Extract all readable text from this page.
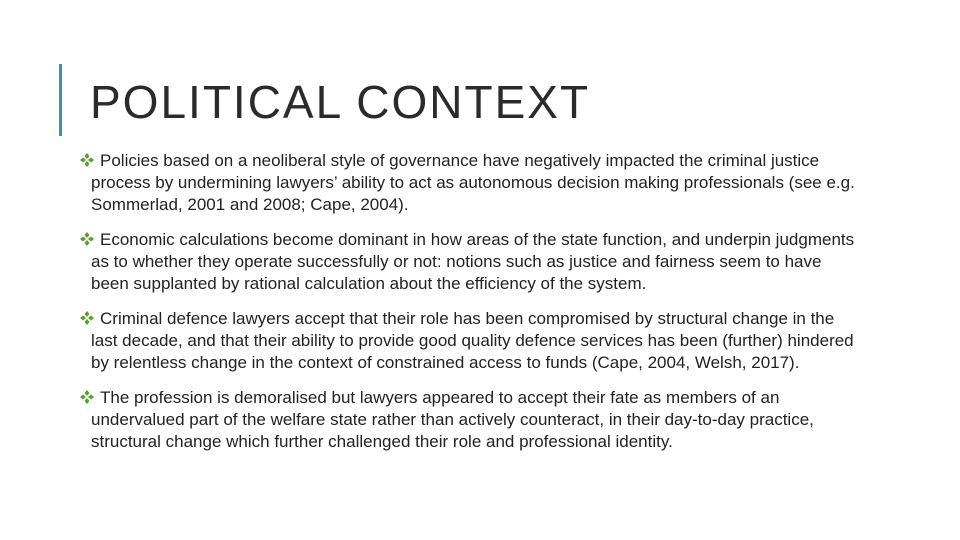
POLITICAL CONTEXT
Policies based on a neoliberal style of governance have negatively impacted the criminal justice process by undermining lawyers’ ability to act as autonomous decision making professionals (see e.g. Sommerlad, 2001 and 2008; Cape, 2004).
Economic calculations become dominant in how areas of the state function, and underpin judgments as to whether they operate successfully or not: notions such as justice and fairness seem to have been supplanted by rational calculation about the efficiency of the system.
Criminal defence lawyers accept that their role has been compromised by structural change in the last decade, and that their ability to provide good quality defence services has been (further) hindered by relentless change in the context of constrained access to funds (Cape, 2004, Welsh, 2017).
The profession is demoralised but lawyers appeared to accept their fate as members of an undervalued part of the welfare state rather than actively counteract, in their day-to-day practice, structural change which further challenged their role and professional identity.
